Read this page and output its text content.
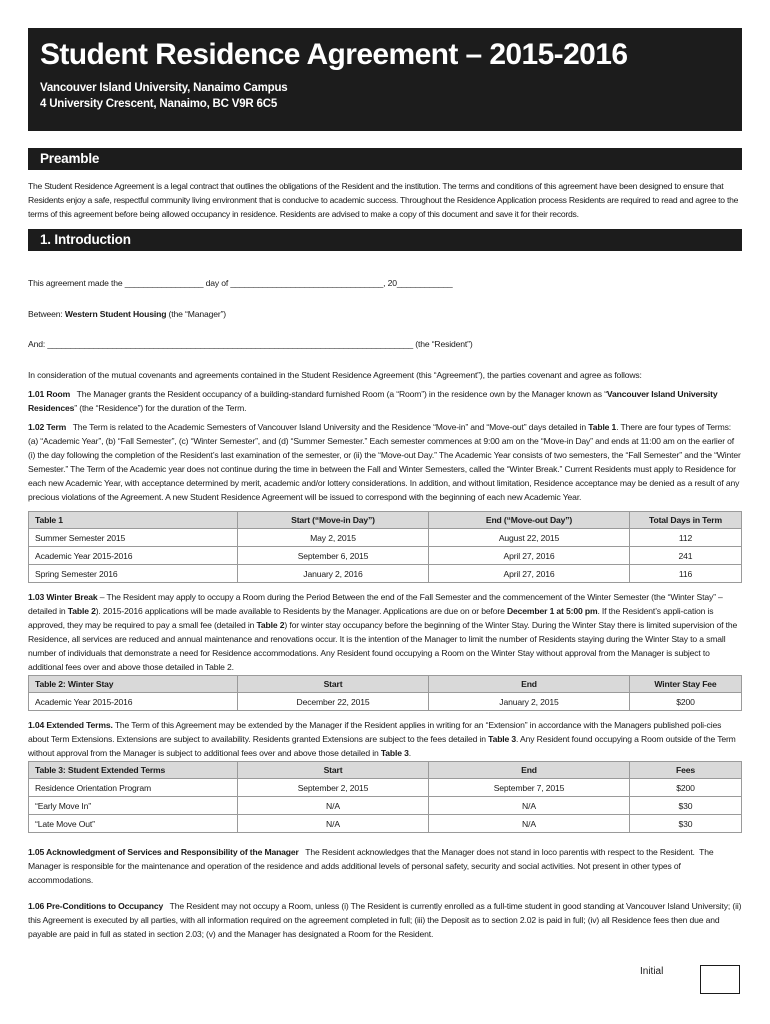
Student Residence Agreement – 2015-2016
Vancouver Island University, Nanaimo Campus
4 University Crescent, Nanaimo, BC V9R 6C5
Preamble

The Student Residence Agreement is a legal contract that outlines the obligations of the Resident and the institution. The terms and conditions of this agreement have been designed to ensure that Residents enjoy a safe, respectful community living environment that is conducive to academic success. Throughout the Residence Application process Residents are required to read and agree to the terms of this agreement before being allowed occupancy in residence. Residents are advised to make a copy of this document and save it for their records.

1. Introduction

This agreement made the _________________ day of _________________________________, 20____________

Between: Western Student Housing (the “Manager”)

And: _______________________________________________________________________________ (the “Resident”)

In consideration of the mutual covenants and agreements contained in the Student Residence Agreement (this “Agreement”), the parties covenant and agree as follows:

1.01 Room   The Manager grants the Resident occupancy of a building-standard furnished Room (a “Room”) in the residence own by the Manager known as “Vancouver Island University Residences” (the “Residence”) for the duration of the Term.

1.02 Term   The Term is related to the Academic Semesters of Vancouver Island University and the Residence “Move-in” and “Move-out” days detailed in Table 1. There are four types of Terms: (a) “Academic Year”, (b) “Fall Semester”, (c) “Winter Semester”, and (d) “Summer Semester.” Each semester commences at 9:00 am on the “Move-in Day” and ends at 11:00 am on the earlier of (i) the day following the completion of the Resident’s last examination of the semester, or (ii) the “Move-out Day.” The Academic Year consists of two semesters, the “Fall Semester” and the “Winter Semester.” The Term of the Academic year does not continue during the time in between the Fall and Winter Semesters, called the “Winter Break.” Current Residents must apply to Residence for each new Academic Year, with acceptance determined by merit, academic and/or lottery considerations. In addition, and without limitation, Residence acceptance may be denied as a result of any precious violations of the Agreement. A new Student Residence Agreement will be issued to correspond with the beginning of each new Academic Year.

Table 1	Start (“Move-in Day”)	End (“Move-out Day”)	Total Days in Term
Summer Semester 2015	May 2, 2015	August 22, 2015	112
Academic Year 2015-2016	September 6, 2015	April 27, 2016	241
Spring Semester 2016	January 2, 2016	April 27, 2016	116

1.03 Winter Break – The Resident may apply to occupy a Room during the Period Between the end of the Fall Semester and the commencement of the Winter Semester (the “Winter Stay” – detailed in Table 2). 2015-2016 applications will be made available to Residents by the Manager. Applications are due on or before December 1 at 5:00 pm. If the Resident’s appli-cation is approved, they may be required to pay a small fee (detailed in Table 2) for winter stay occupancy before the beginning of the Winter Stay. During the Winter Stay there is limited supervision of the Residence, all services are reduced and annual maintenance and renovations occur. It is the intention of the Manager to limit the number of Residents staying during the Winter Stay to a small number of individuals that demonstrate a need for Residence accommodations. Any Resident found occupying a Room on the Winter Stay without approval from the Manager is subject to additional fees over and above those detailed in Table 2.

Table 2: Winter Stay	Start	End	Winter Stay Fee
Academic Year 2015-2016	December 22, 2015	January 2, 2015	$200

1.04 Extended Terms. The Term of this Agreement may be extended by the Manager if the Resident applies in writing for an “Extension” in accordance with the Managers published poli-cies about Term Extensions. Extensions are subject to availability. Residents granted Extensions are subject to the fees detailed in Table 3. Any Resident found occupying a Room outside of the Term without approval from the Manager is subject to additional fees over and above those detailed in Table 3.

Table 3: Student Extended Terms	Start	End	Fees
Residence Orientation Program	September 2, 2015	September 7, 2015	$200
“Early Move In”	N/A	N/A	$30
“Late Move Out”	N/A	N/A	$30

1.05 Acknowledgment of Services and Responsibility of the Manager   The Resident acknowledges that the Manager does not stand in loco parentis with respect to the Resident.  The Manager is responsible for the maintenance and operation of the residence and adds additional levels of personal safety, security and social activities. Not present in other types of accommodations.

1.06 Pre-Conditions to Occupancy   The Resident may not occupy a Room, unless (i) The Resident is currently enrolled as a full-time student in good standing at Vancouver Island University; (ii) this Agreement is executed by all parties, with all information required on the agreement completed in full; (iii) the Deposit as to section 2.02 is paid in full; (iv) all Residence fees then due and payable are paid in full as stated in section 2.03; (v) and the Manager has designated a Room for the Resident.

Initial
